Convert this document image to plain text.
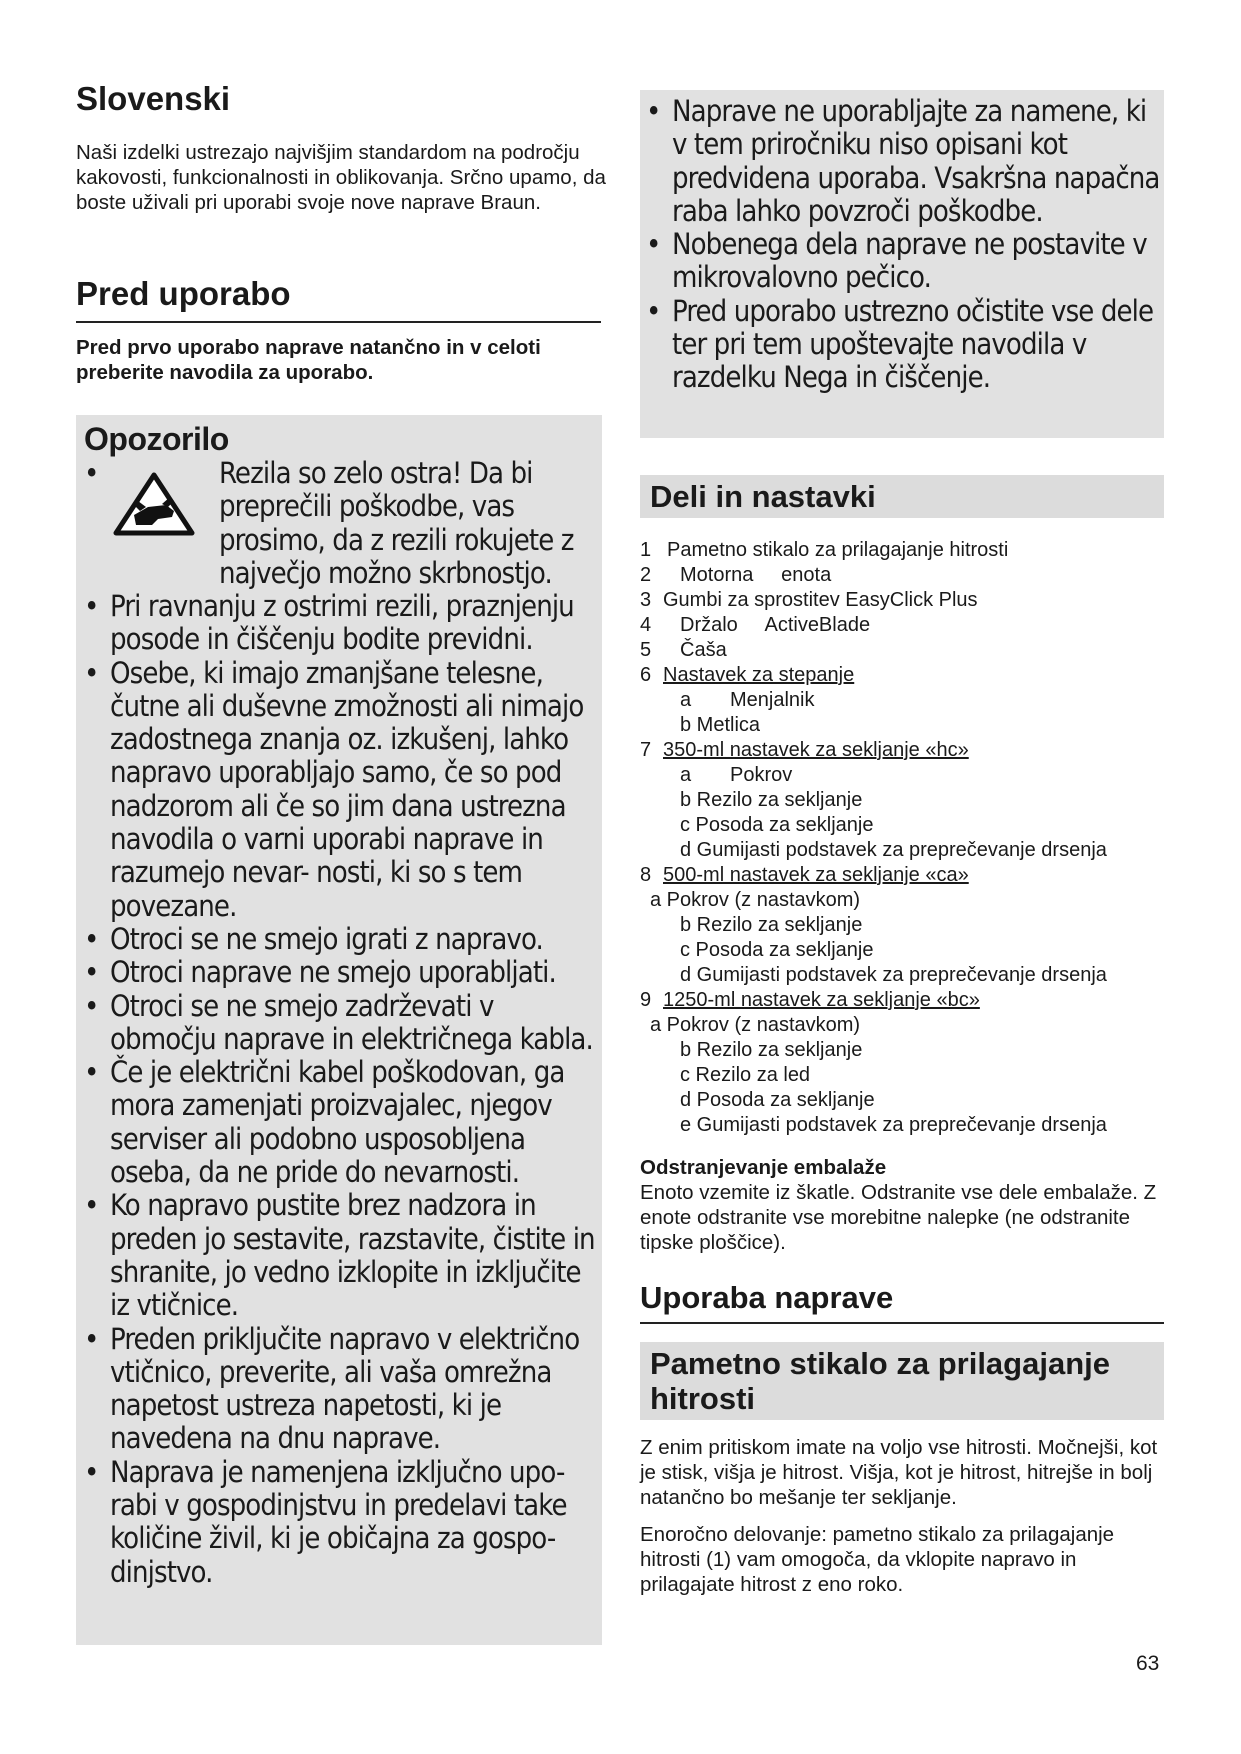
Slovenski

Naši izdelki ustrezajo najvišjim standardom na področju kakovosti, funkcionalnosti in oblikovanja. Srčno upamo, da boste uživali pri uporabi svoje nove naprave Braun.

Pred uporabo

Pred prvo uporabo naprave natančno in v celoti preberite navodila za uporabo.

Opozorilo
•	Rezila so zelo ostra! Da bi preprečili poškodbe, vas prosimo, da z rezili rokujete z največjo možno skrbnostjo.
• Pri ravnanju z ostrimi rezili, praznjenju posode in čiščenju bodite previdni.
• Osebe, ki imajo zmanjšane telesne, čutne ali duševne zmožnosti ali nimajo zadostnega znanja oz. izkušenj, lahko napravo uporabljajo samo, če so pod nadzorom ali če so jim dana ustrezna navodila o varni uporabi naprave in razumejo nevar- nosti, ki so s tem povezane.
• Otroci se ne smejo igrati z napravo.
• Otroci naprave ne smejo uporabljati.
• Otroci se ne smejo zadrževati v območju naprave in električnega kabla.
• Če je električni kabel poškodovan, ga mora zamenjati proizvajalec, njegov serviser ali podobno usposobljena oseba, da ne pride do nevarnosti.
• Ko napravo pustite brez nadzora in preden jo sestavite, razstavite, čistite in shranite, jo vedno izklopite in izključite iz vtičnice.
• Preden priključite napravo v električno vtičnico, preverite, ali vaša omrežna napetost ustreza napetosti, ki je navedena na dnu naprave.
• Naprava je namenjena izključno upo- rabi v gospodinjstvu in predelavi take količine živil, ki je običajna za gospo- dinjstvo.
• Naprave ne uporabljajte za namene, ki v tem priročniku niso opisani kot predvidena uporaba. Vsakršna napačna raba lahko povzroči poškodbe.
• Nobenega dela naprave ne postavite v mikrovalovno pečico.
• Pred uporabo ustrezno očistite vse dele ter pri tem upoštevajte navodila v razdelku Nega in čiščenje.
Deli in nastavki
1 Pametno stikalo za prilagajanje hitrosti
2 Motorna     enota
3 Gumbi za sprostitev EasyClick Plus
4 Držalo     ActiveBlade
5 Čaša
6 Nastavek za stepanje
a       Menjalnik
b Metlica
7 350-ml nastavek za sekljanje «hc»
a       Pokrov
b Rezilo za sekljanje
c Posoda za sekljanje
d Gumijasti podstavek za preprečevanje drsenja
8 500-ml nastavek za sekljanje «ca»
a Pokrov (z nastavkom)
b Rezilo za sekljanje
c Posoda za sekljanje
d Gumijasti podstavek za preprečevanje drsenja
9 1250-ml nastavek za sekljanje «bc»
a Pokrov (z nastavkom)
b Rezilo za sekljanje
c Rezilo za led
d Posoda za sekljanje
e Gumijasti podstavek za preprečevanje drsenja

Odstranjevanje embalaže

Enoto vzemite iz škatle. Odstranite vse dele embalaže. Z enote odstranite vse morebitne nalepke (ne odstranite tipske ploščice).

Uporaba naprave
Pametno stikalo za prilagajanje hitrosti

Z enim pritiskom imate na voljo vse hitrosti. Močnejši, kot je stisk, višja je hitrost. Višja, kot je hitrost, hitrejše in bolj natančno bo mešanje ter sekljanje.

Enoročno delovanje: pametno stikalo za prilagajanje hitrosti (1) vam omogoča, da vklopite napravo in prilagajate hitrost z eno roko.

63
